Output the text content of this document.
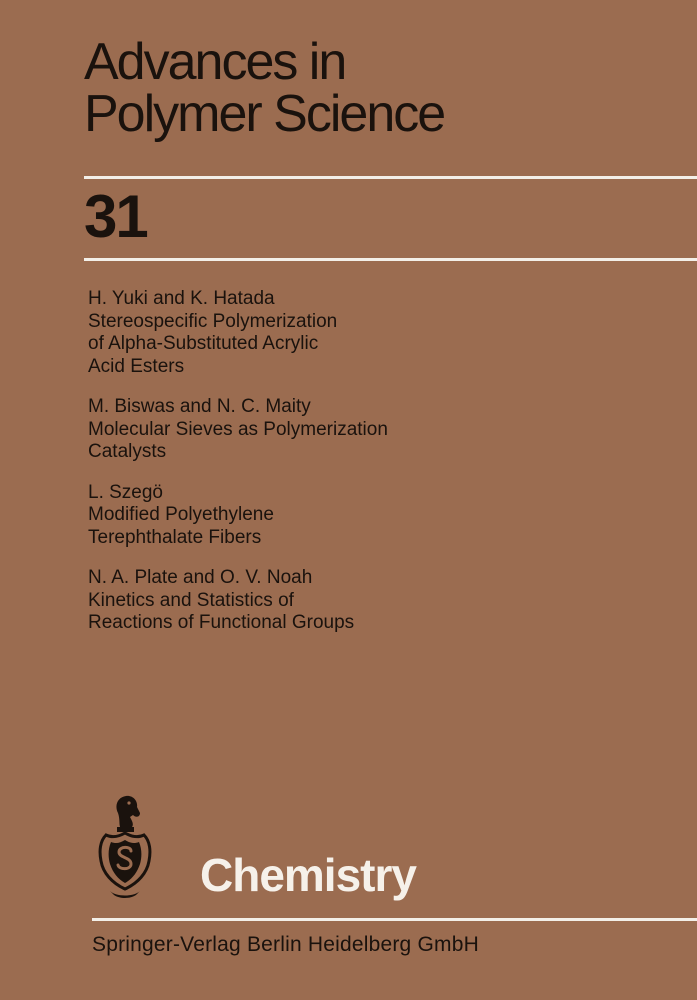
Advances in
Polymer Science
31
H. Yuki and K. Hatada
Stereospecific Polymerization
of Alpha-Substituted Acrylic
Acid Esters
M. Biswas and N. C. Maity
Molecular Sieves as Polymerization
Catalysts
L. Szegö
Modified Polyethylene
Terephthalate Fibers
N. A. Plate and O. V. Noah
Kinetics and Statistics of
Reactions of Functional Groups
Chemistry
Springer-Verlag Berlin Heidelberg GmbH
